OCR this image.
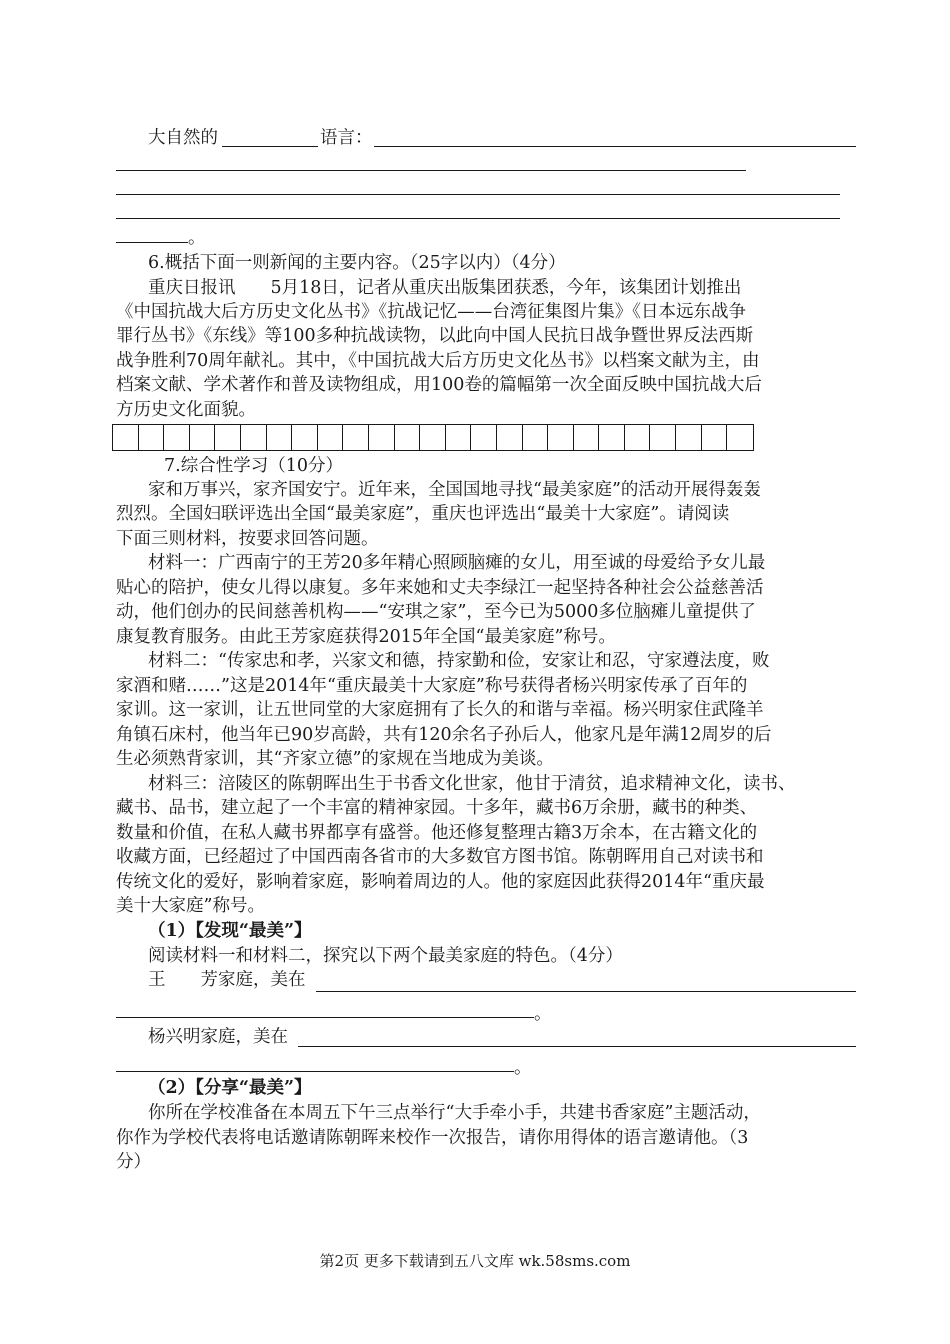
大自然的	语言：
。
6.概括下面一则新闻的主要内容。（25字以内）（4分）
重庆日报讯　　5月18日，记者从重庆出版集团获悉，今年，该集团计划推出
《中国抗战大后方历史文化丛书》《抗战记忆——台湾征集图片集》《日本远东战争
罪行丛书》《东线》等100多种抗战读物，以此向中国人民抗日战争暨世界反法西斯
战争胜利70周年献礼。其中，《中国抗战大后方历史文化丛书》以档案文献为主，由
档案文献、学术著作和普及读物组成，用100卷的篇幅第一次全面反映中国抗战大后
方历史文化面貌。
7.综合性学习（10分）
家和万事兴，家齐国安宁。近年来，全国国地寻找“最美家庭”的活动开展得轰轰
烈烈。全国妇联评选出全国“最美家庭”，重庆也评选出“最美十大家庭”。请阅读
下面三则材料，按要求回答问题。
材料一：广西南宁的王芳20多年精心照顾脑瘫的女儿，用至诚的母爱给予女儿最
贴心的陪护，使女儿得以康复。多年来她和丈夫李绿江一起坚持各种社会公益慈善活
动，他们创办的民间慈善机构——“安琪之家”，至今已为5000多位脑瘫儿童提供了
康复教育服务。由此王芳家庭获得2015年全国“最美家庭”称号。
材料二：“传家忠和孝，兴家文和德，持家勤和俭，安家让和忍，守家遵法度，败
家酒和赌……”这是2014年“重庆最美十大家庭”称号获得者杨兴明家传承了百年的
家训。这一家训，让五世同堂的大家庭拥有了长久的和谐与幸福。杨兴明家住武隆羊
角镇石床村，他当年已90岁高龄，共有120余名子孙后人，他家凡是年满12周岁的后
生必须熟背家训，其“齐家立德”的家规在当地成为美谈。
材料三：涪陵区的陈朝晖出生于书香文化世家，他甘于清贫，追求精神文化，读书、
藏书、品书，建立起了一个丰富的精神家园。十多年，藏书6万余册，藏书的种类、
数量和价值，在私人藏书界都享有盛誉。他还修复整理古籍3万余本，在古籍文化的
收藏方面，已经超过了中国西南各省市的大多数官方图书馆。陈朝晖用自己对读书和
传统文化的爱好，影响着家庭，影响着周边的人。他的家庭因此获得2014年“重庆最
美十大家庭”称号。
（1）【发现“最美”】
阅读材料一和材料二，探究以下两个最美家庭的特色。（4分）
王　　芳家庭，美在
。
杨兴明家庭，美在
。
（2）【分享“最美”】
你所在学校准备在本周五下午三点举行“大手牵小手，共建书香家庭”主题活动，
你作为学校代表将电话邀请陈朝晖来校作一次报告，请你用得体的语言邀请他。（3
分）
第2页 更多下载请到五八文库 wk.58sms.com
